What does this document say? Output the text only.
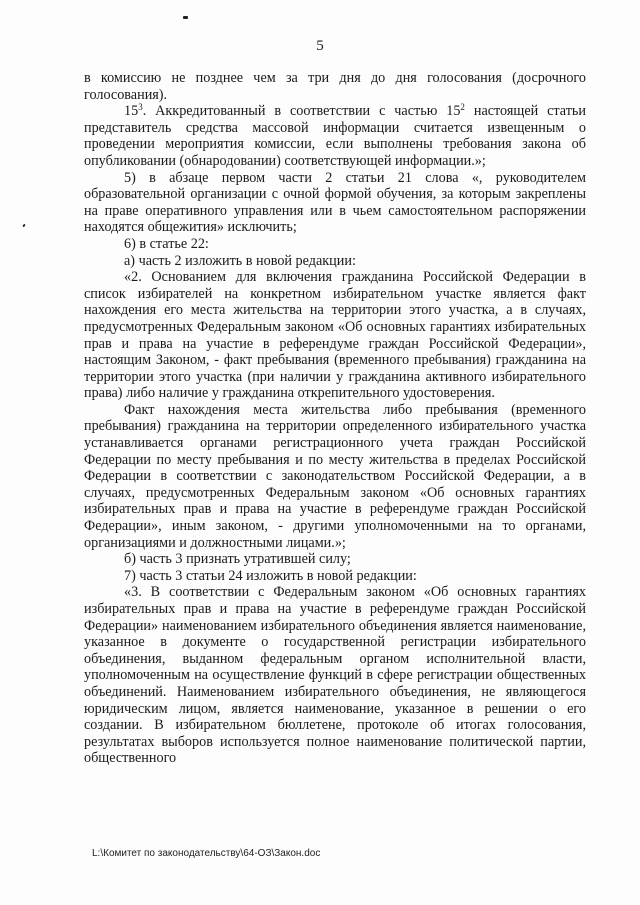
5

в комиссию не позднее чем за три дня до дня голосования (досрочного голосования).

$15^3$. Аккредитованный в соответствии с частью $15^2$ настоящей статьи представитель средства массовой информации считается извещенным о проведении мероприятия комиссии, если выполнены требования закона об опубликовании (обнародовании) соответствующей информации.»;

5) в абзаце первом части 2 статьи 21 слова «, руководителем образовательной организации с очной формой обучения, за которым закреплены на праве оперативного управления или в чьем самостоятельном распоряжении находятся общежития» исключить;

6) в статье 22:

а) часть 2 изложить в новой редакции:

«2. Основанием для включения гражданина Российской Федерации в список избирателей на конкретном избирательном участке является факт нахождения его места жительства на территории этого участка, а в случаях, предусмотренных Федеральным законом «Об основных гарантиях избирательных прав и права на участие в референдуме граждан Российской Федерации», настоящим Законом, - факт пребывания (временного пребывания) гражданина на территории этого участка (при наличии у гражданина активного избирательного права) либо наличие у гражданина открепительного удостоверения.

Факт нахождения места жительства либо пребывания (временного пребывания) гражданина на территории определенного избирательного участка устанавливается органами регистрационного учета граждан Российской Федерации по месту пребывания и по месту жительства в пределах Российской Федерации в соответствии с законодательством Российской Федерации, а в случаях, предусмотренных Федеральным законом «Об основных гарантиях избирательных прав и права на участие в референдуме граждан Российской Федерации», иным законом, - другими уполномоченными на то органами, организациями и должностными лицами.»;

б) часть 3 признать утратившей силу;

7) часть 3 статьи 24 изложить в новой редакции:

«3. В соответствии с Федеральным законом «Об основных гарантиях избирательных прав и права на участие в референдуме граждан Российской Федерации» наименованием избирательного объединения является наименование, указанное в документе о государственной регистрации избирательного объединения, выданном федеральным органом исполнительной власти, уполномоченным на осуществление функций в сфере регистрации общественных объединений. Наименованием избирательного объединения, не являющегося юридическим лицом, является наименование, указанное в решении о его создании. В избирательном бюллетене, протоколе об итогах голосования, результатах выборов используется полное наименование политической партии, общественного

L:\Комитет по законодательству\64-ОЗ\Закон.doc
